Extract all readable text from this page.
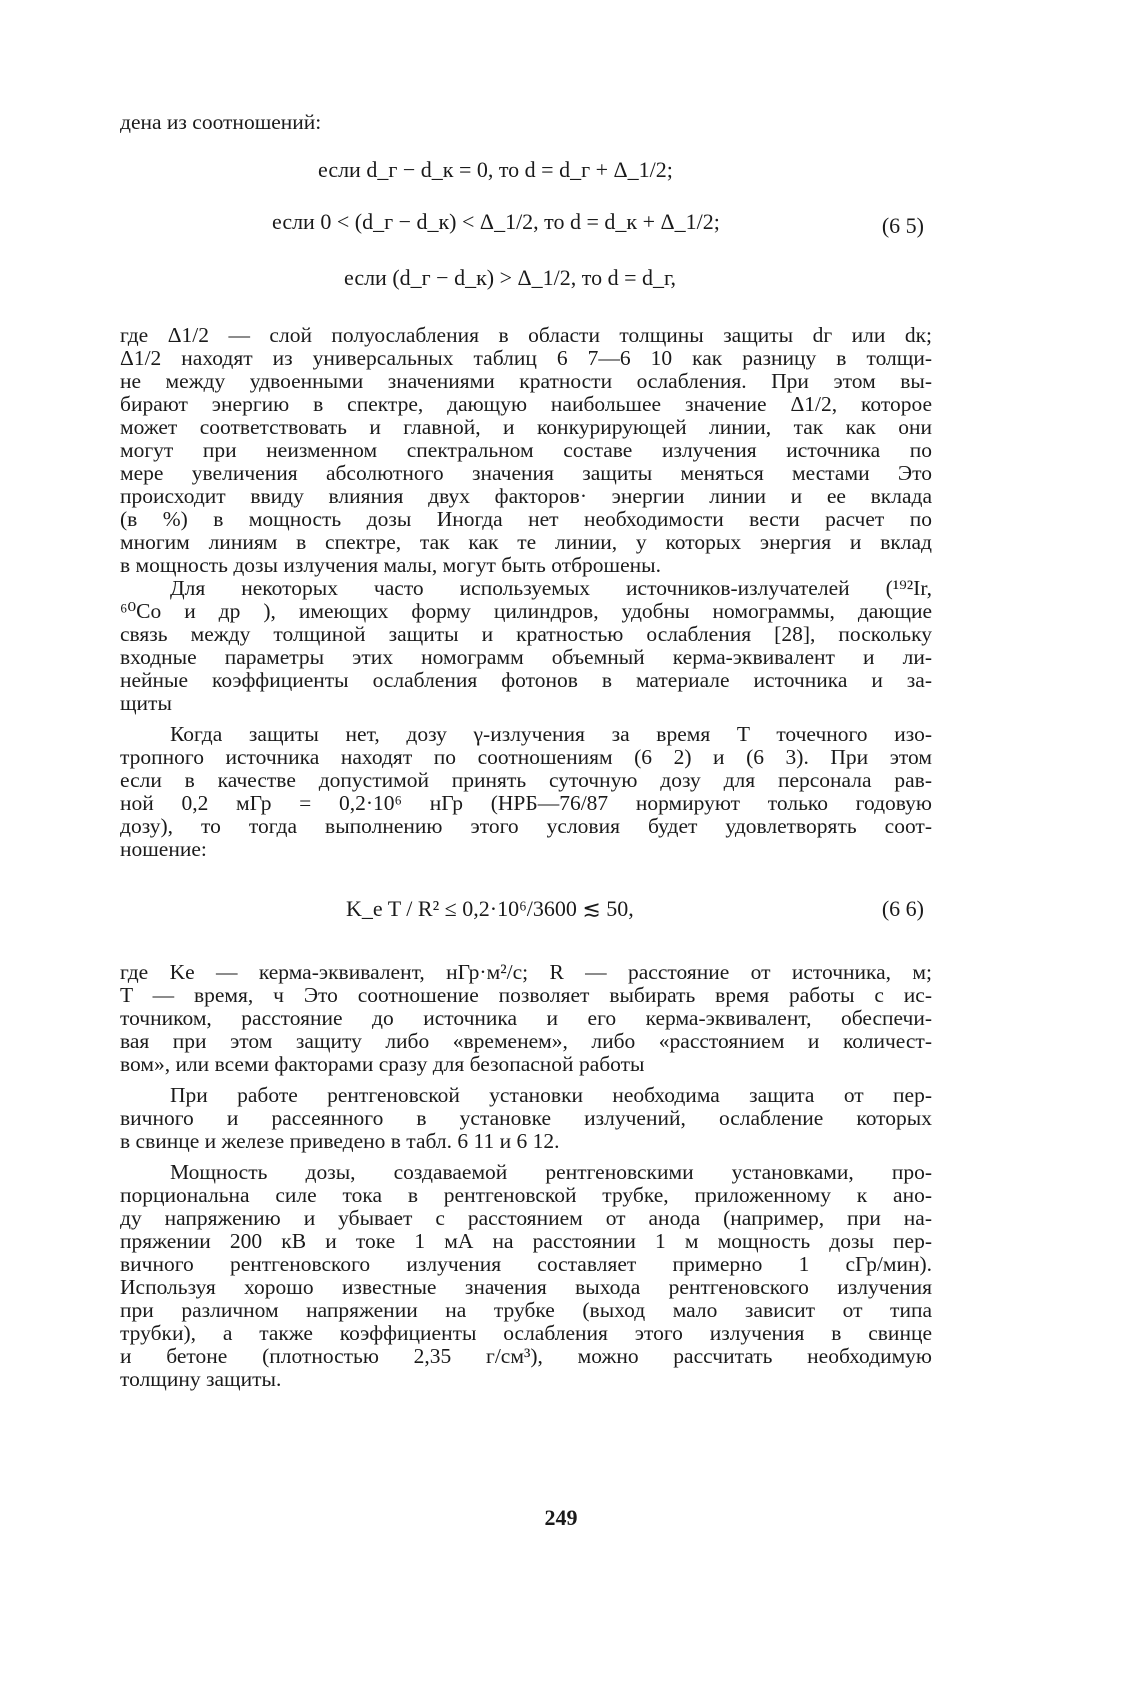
дена из соотношений:
если d_г − d_к = 0, то d = d_г + Δ_1/2;
если 0 < (d_г − d_к) < Δ_1/2, то d = d_к + Δ_1/2;	(6 5)
если (d_г − d_к) > Δ_1/2, то d = d_г,
где Δ1/2 — слой полуослабления в области толщины защиты dг или dк;
Δ1/2 находят из универсальных таблиц 6 7—6 10 как разницу в толщи-
не между удвоенными значениями кратности ослабления. При этом вы-
бирают энергию в спектре, дающую наибольшее значение Δ1/2, которое
может соответствовать и главной, и конкурирующей линии, так как они
могут при неизменном спектральном составе излучения источника по
мере увеличения абсолютного значения защиты меняться местами Это
происходит ввиду влияния двух факторов· энергии линии и ее вклада
(в %) в мощность дозы Иногда нет необходимости вести расчет по
многим линиям в спектре, так как те линии, у которых энергия и вклад
в мощность дозы излучения малы, могут быть отброшены.
Для некоторых часто используемых источников-излучателей (¹⁹²Ir,
⁶⁰Co и др ), имеющих форму цилиндров, удобны номограммы, дающие
связь между толщиной защиты и кратностью ослабления [28], поскольку
входные параметры этих номограмм объемный керма-эквивалент и ли-
нейные коэффициенты ослабления фотонов в материале источника и за-
щиты
Когда защиты нет, дозу γ-излучения за время T точечного изо-
тропного источника находят по соотношениям (6 2) и (6 3). При этом
если в качестве допустимой принять суточную дозу для персонала рав-
ной 0,2 мГр = 0,2·10⁶ нГр (НРБ—76/87 нормируют только годовую
дозу), то тогда выполнению этого условия будет удовлетворять соот-
ношение:
K_e T / R² ≤ 0,2·10⁶/3600 ≲ 50,	(6 6)
где Kе — керма-эквивалент, нГр·м²/с; R — расстояние от источника, м;
T — время, ч Это соотношение позволяет выбирать время работы с ис-
точником, расстояние до источника и его керма-эквивалент, обеспечи-
вая при этом защиту либо «временем», либо «расстоянием и количест-
вом», или всеми факторами сразу для безопасной работы
При работе рентгеновской установки необходима защита от пер-
вичного и рассеянного в установке излучений, ослабление которых
в свинце и железе приведено в табл. 6 11 и 6 12.
Мощность дозы, создаваемой рентгеновскими установками, про-
порциональна силе тока в рентгеновской трубке, приложенному к ано-
ду напряжению и убывает с расстоянием от анода (например, при на-
пряжении 200 кВ и токе 1 мА на расстоянии 1 м мощность дозы пер-
вичного рентгеновского излучения составляет примерно 1 сГр/мин).
Используя хорошо известные значения выхода рентгеновского излучения
при различном напряжении на трубке (выход мало зависит от типа
трубки), а также коэффициенты ослабления этого излучения в свинце
и бетоне (плотностью 2,35 г/см³), можно рассчитать необходимую
толщину защиты.
249
